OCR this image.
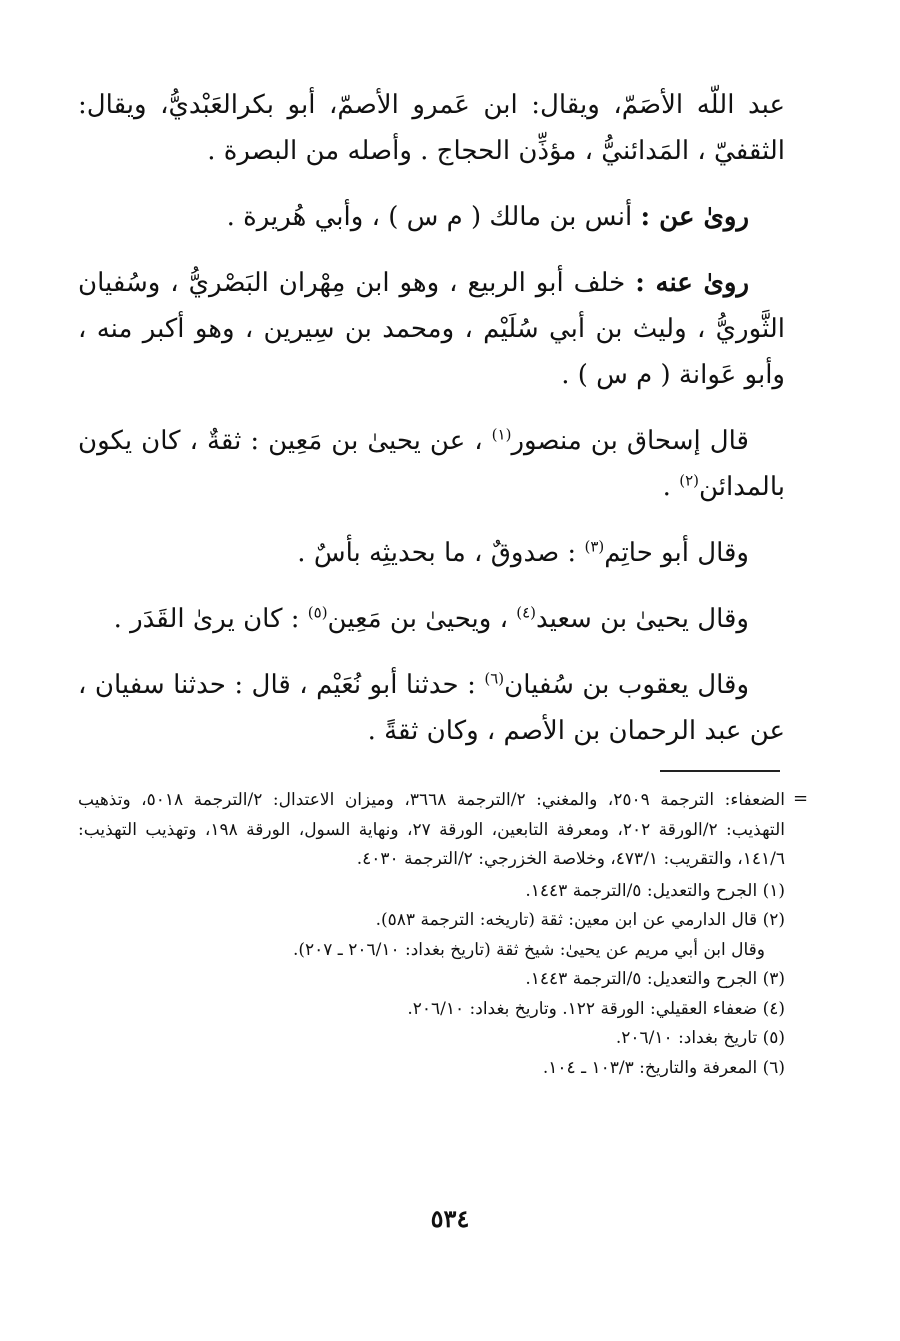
عبد اللّه الأصَمّ، ويقال: ابن عَمرو الأصمّ، أبو بكرالعَبْديُّ، ويقال: الثقفيّ ، المَدائنيُّ ، مؤذِّن الحجاج . وأصله من البصرة .

روىٰ عن : أنس بن مالك ( م س ) ، وأبي هُريرة .

روىٰ عنه : خلف أبو الربيع ، وهو ابن مِهْران البَصْريُّ ، وسُفيان الثَّوريُّ ، وليث بن أبي سُلَيْم ، ومحمد بن سِيرين ، وهو أكبر منه ، وأبو عَوانة ( م س ) .

قال إسحاق بن منصور$^{(١)}$ ، عن يحيىٰ بن مَعِين : ثقةٌ ، كان يكون بالمدائن$^{(٢)}$ .

وقال أبو حاتِم$^{(٣)}$ : صدوقٌ ، ما بحديثِه بأسٌ .

وقال يحيىٰ بن سعيد$^{(٤)}$ ، ويحيىٰ بن مَعِين$^{(٥)}$ : كان يرىٰ القَدَر .

وقال يعقوب بن سُفيان$^{(٦)}$ : حدثنا أبو نُعَيْم ، قال : حدثنا سفيان ، عن عبد الرحمان بن الأصم ، وكان ثقةً .

=

الضعفاء: الترجمة ٢٥٠٩، والمغني: ٢/الترجمة ٣٦٦٨، وميزان الاعتدال: ٢/الترجمة ٥٠١٨، وتذهيب التهذيب: ٢/الورقة ٢٠٢، ومعرفة التابعين، الورقة ٢٧، ونهاية السول، الورقة ١٩٨، وتهذيب التهذيب: ١٤١/٦، والتقريب: ٤٧٣/١، وخلاصة الخزرجي: ٢/الترجمة ٤٠٣٠.

(١) الجرح والتعديل: ٥/الترجمة ١٤٤٣.

(٢) قال الدارمي عن ابن معين: ثقة (تاريخه: الترجمة ٥٨٣).

وقال ابن أبي مريم عن يحيىٰ: شيخ ثقة (تاريخ بغداد: ٢٠٦/١٠ ـ ٢٠٧).

(٣) الجرح والتعديل: ٥/الترجمة ١٤٤٣.

(٤) ضعفاء العقيلي: الورقة ١٢٢. وتاريخ بغداد: ٢٠٦/١٠.

(٥) تاريخ بغداد: ٢٠٦/١٠.

(٦) المعرفة والتاريخ: ١٠٣/٣ ـ ١٠٤.

٥٣٤
